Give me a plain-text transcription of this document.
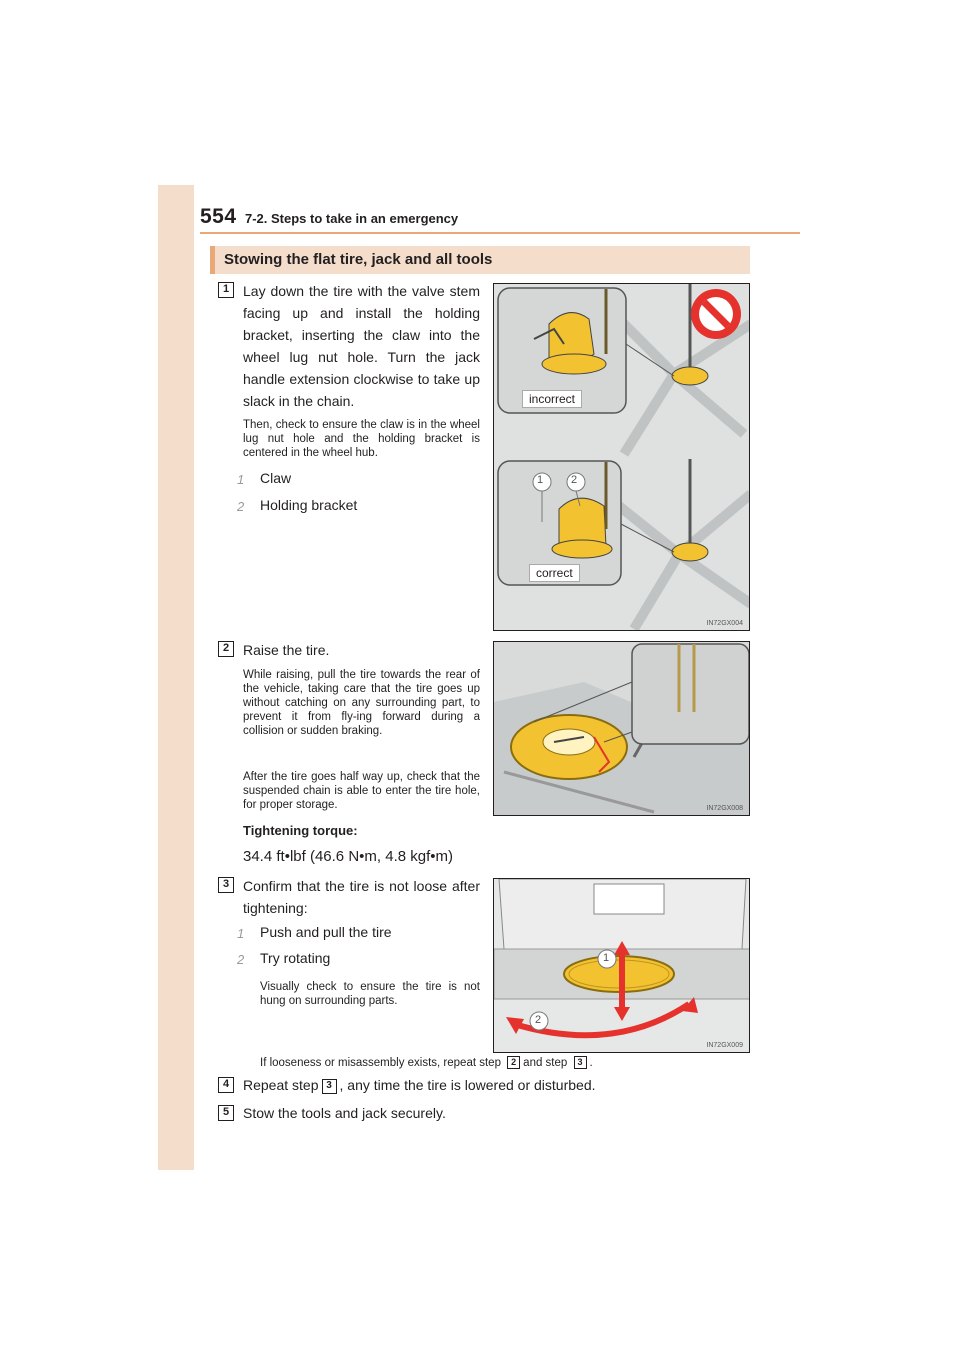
554 7-2. Steps to take in an emergency
Stowing the flat tire, jack and all tools
1 Lay down the tire with the valve stem facing up and install the holding bracket, inserting the claw into the wheel lug nut hole. Turn the jack handle extension clockwise to take up slack in the chain.
Then, check to ensure the claw is in the wheel lug nut hole and the holding bracket is centered in the wheel hub.
1	Claw
2	Holding bracket
incorrect
correct
1	2
IN72GX004
2 Raise the tire.
While raising, pull the tire towards the rear of the vehicle, taking care that the tire goes up without catching on any surrounding part, to prevent it from fly-ing forward during a collision or sudden braking.
After the tire goes half way up, check that the suspended chain is able to enter the tire hole, for proper storage.
Tightening torque:
34.4 ft•lbf (46.6 N•m, 4.8 kgf•m)
IN72GX008
3 Confirm that the tire is not loose after tightening:
1	Push and pull the tire
2	Try rotating
Visually check to ensure the tire is not hung on surrounding parts.
1
2
IN72GX009
If looseness or misassembly exists, repeat step 2 and step 3 .
4 Repeat step 3 , any time the tire is lowered or disturbed.
5 Stow the tools and jack securely.
